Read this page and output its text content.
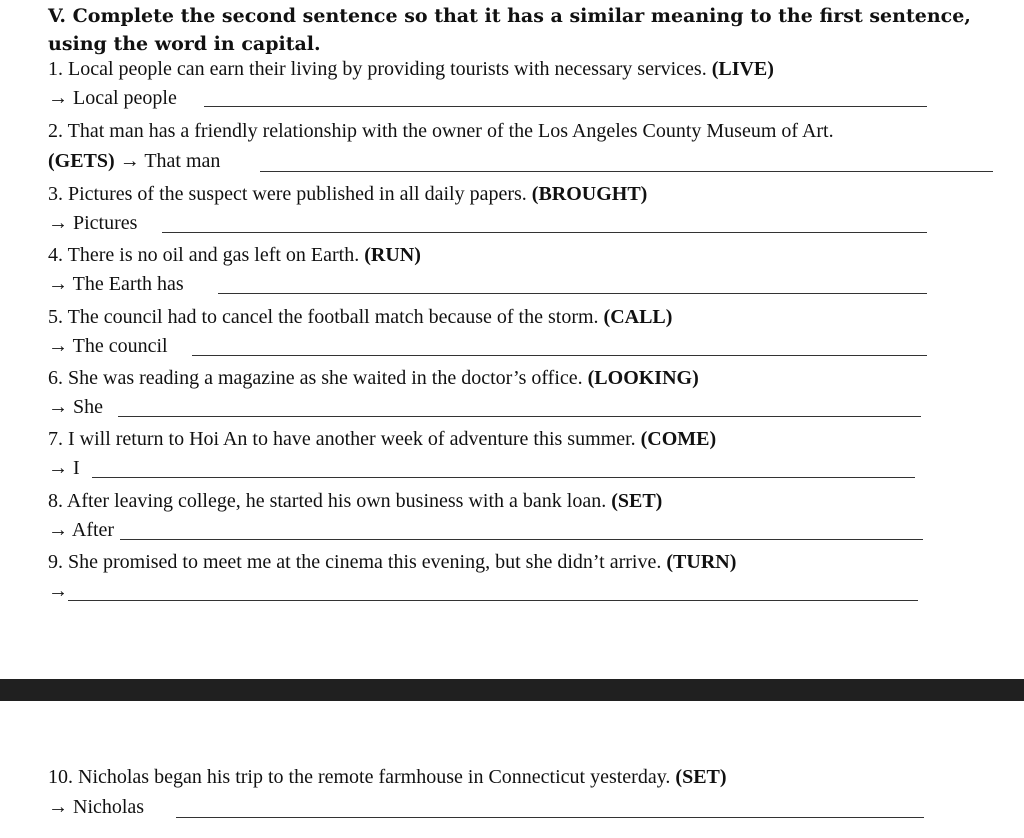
V. Complete the second sentence so that it has a similar meaning to the first sentence, using the word in capital.
1. Local people can earn their living by providing tourists with necessary services. (LIVE)
→ Local people
2. That man has a friendly relationship with the owner of the Los Angeles County Museum of Art.
(GETS) → That man
3. Pictures of the suspect were published in all daily papers. (BROUGHT)
→ Pictures
4. There is no oil and gas left on Earth. (RUN)
→ The Earth has
5. The council had to cancel the football match because of the storm. (CALL)
→ The council
6. She was reading a magazine as she waited in the doctor’s office. (LOOKING)
→ She
7. I will return to Hoi An to have another week of adventure this summer. (COME)
→ I
8. After leaving college, he started his own business with a bank loan. (SET)
→ After
9. She promised to meet me at the cinema this evening, but she didn’t arrive. (TURN)
→
10. Nicholas began his trip to the remote farmhouse in Connecticut yesterday. (SET)
→ Nicholas
